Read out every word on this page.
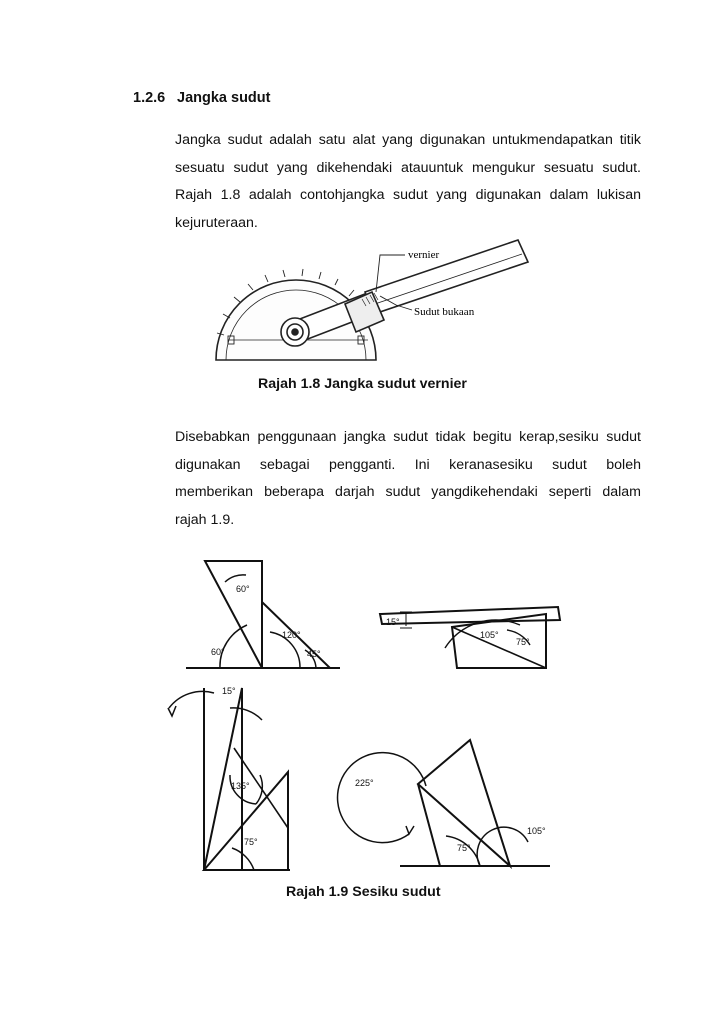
1.2.6 Jangka sudut
Jangka sudut adalah satu alat yang digunakan untukmendapatkan titik
sesuatu sudut yang dikehendaki atauuntuk mengukur sesuatu sudut.
Rajah 1.8 adalah contohjangka sudut yang digunakan dalam lukisan
kejuruteraan.
vernier
Sudut bukaan
Rajah 1.8 Jangka sudut vernier
Disebabkan penggunaan jangka sudut tidak begitu kerap,sesiku sudut
digunakan sebagai pengganti. Ini keranasesiku sudut boleh
memberikan beberapa darjah sudut yangdikehendaki seperti dalam
rajah 1.9.
60°
120°
60°	45°
15°
105°
75°
15°
135°
75°
225°
75°
105°
Rajah 1.9 Sesiku sudut
